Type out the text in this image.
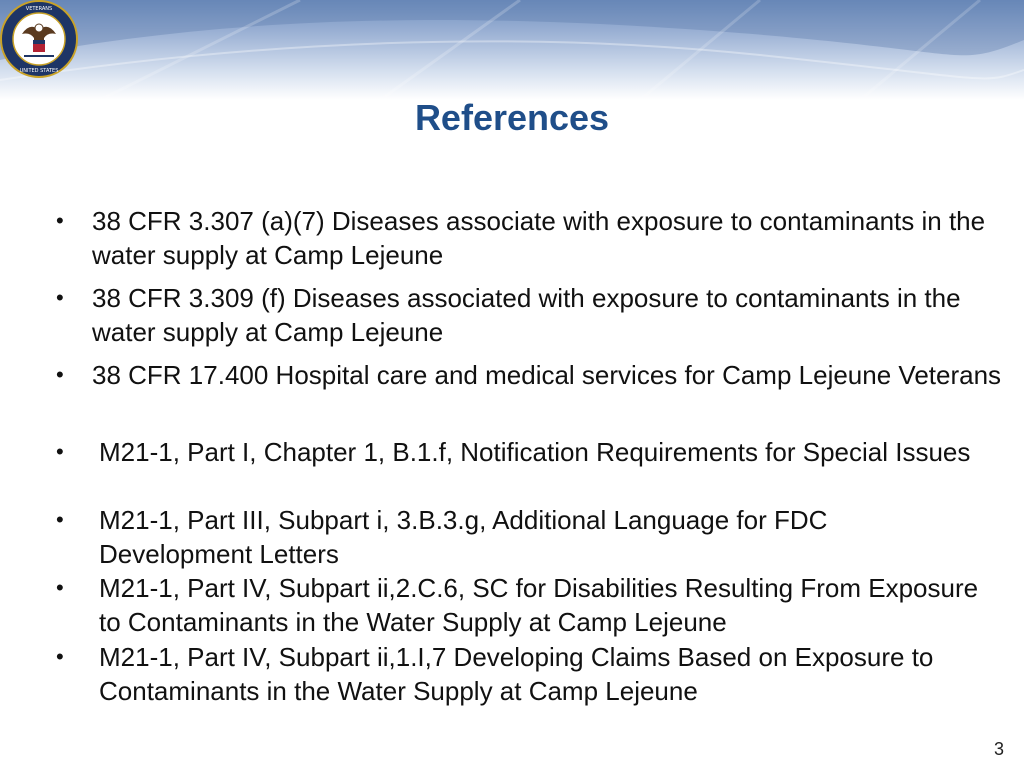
VETERANS
UNITED STATES
References
• 38 CFR 3.307 (a)(7) Diseases associate with exposure to contaminants in the water supply at Camp Lejeune
• 38 CFR 3.309 (f) Diseases associated with exposure to contaminants in the water supply at Camp Lejeune
• 38 CFR 17.400 Hospital care and medical services for Camp Lejeune Veterans
• M21-1, Part I, Chapter 1, B.1.f, Notification Requirements for Special Issues
• M21-1, Part III, Subpart i, 3.B.3.g, Additional Language for FDC Development Letters
• M21-1, Part IV, Subpart ii,2.C.6, SC for Disabilities Resulting From Exposure to Contaminants in the Water Supply at Camp Lejeune
• M21-1, Part IV, Subpart ii,1.I,7 Developing Claims Based on Exposure to Contaminants in the Water Supply at Camp Lejeune
3
